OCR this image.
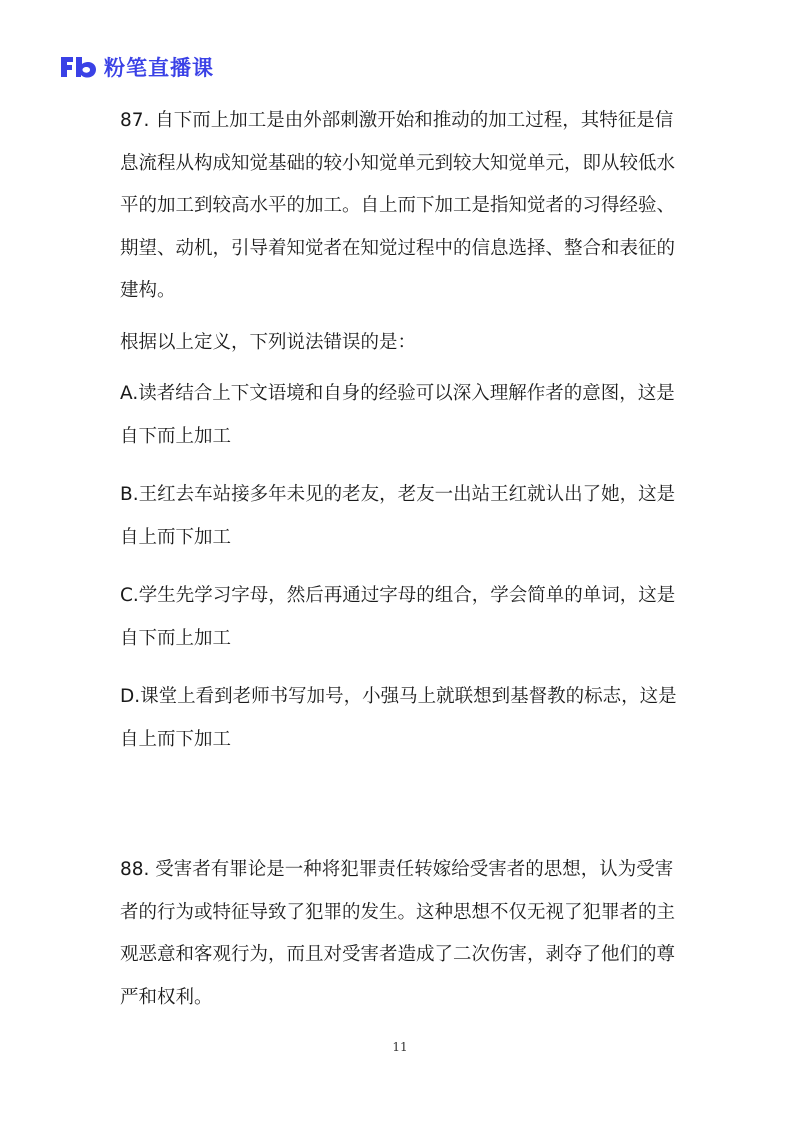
粉笔直播课

87. 自下而上加工是由外部刺激开始和推动的加工过程，其特征是信息流程从构成知觉基础的较小知觉单元到较大知觉单元，即从较低水平的加工到较高水平的加工。自上而下加工是指知觉者的习得经验、期望、动机，引导着知觉者在知觉过程中的信息选择、整合和表征的建构。

根据以上定义，下列说法错误的是：

A.读者结合上下文语境和自身的经验可以深入理解作者的意图，这是自下而上加工

B.王红去车站接多年未见的老友，老友一出站王红就认出了她，这是自上而下加工

C.学生先学习字母，然后再通过字母的组合，学会简单的单词，这是自下而上加工

D.课堂上看到老师书写加号，小强马上就联想到基督教的标志，这是自上而下加工

88. 受害者有罪论是一种将犯罪责任转嫁给受害者的思想，认为受害者的行为或特征导致了犯罪的发生。这种思想不仅无视了犯罪者的主观恶意和客观行为，而且对受害者造成了二次伤害，剥夺了他们的尊严和权利。

11
